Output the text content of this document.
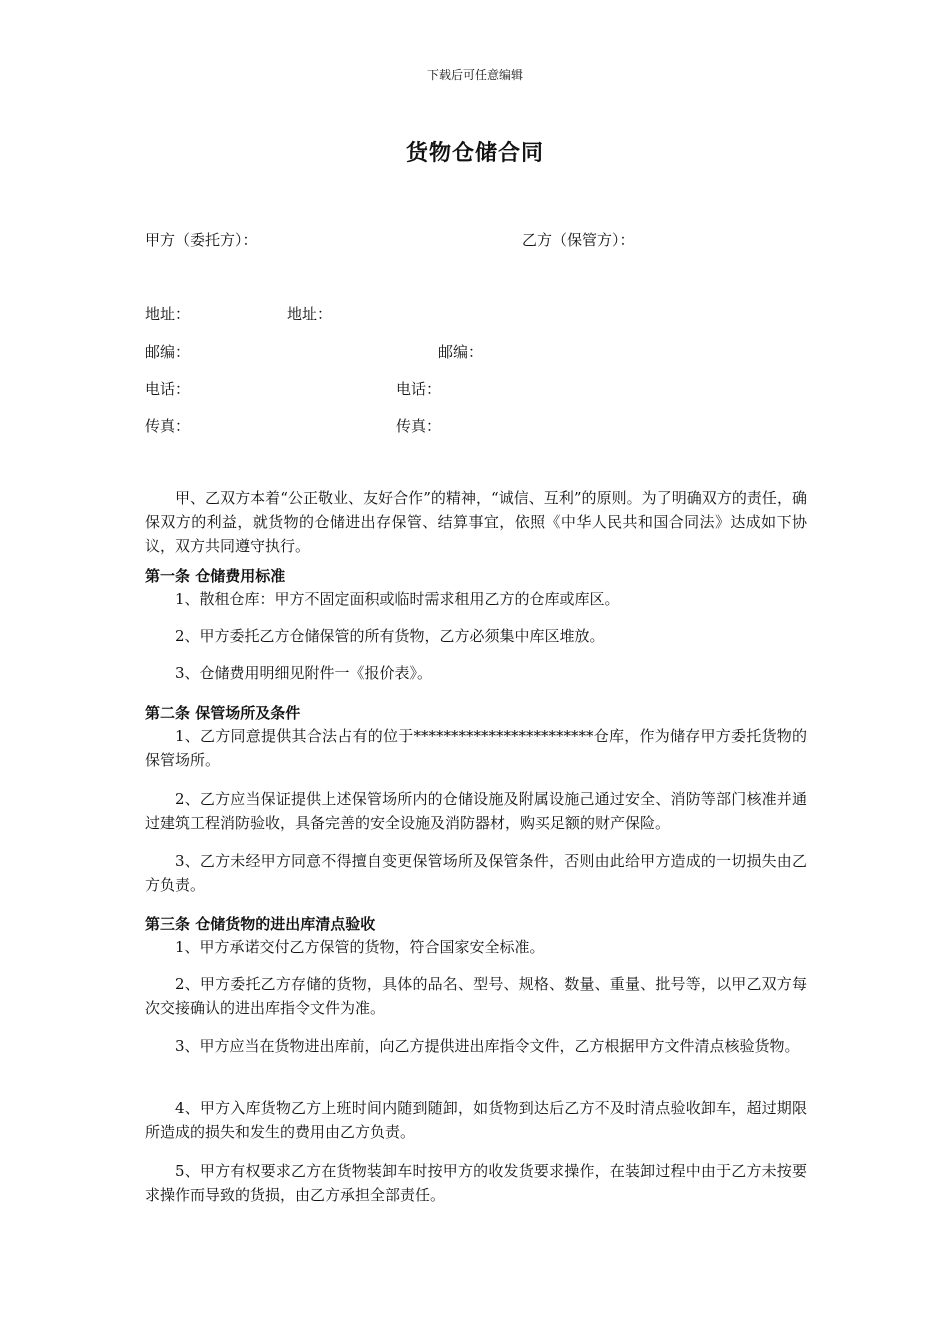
下载后可任意编辑
货物仓储合同
甲方（委托方）：	乙方（保管方）：
地址：	地址：
邮编：	邮编：
电话：	电话：
传真：	传真：
甲、乙双方本着“公正敬业、友好合作”的精神，“诚信、互利”的原则。为了明确双方的责任，确保双方的利益，就货物的仓储进出存保管、结算事宜，依照《中华人民共和国合同法》达成如下协议，双方共同遵守执行。
第一条 仓储费用标准
1、散租仓库：甲方不固定面积或临时需求租用乙方的仓库或库区。
2、甲方委托乙方仓储保管的所有货物，乙方必须集中库区堆放。
3、仓储费用明细见附件一《报价表》。
第二条 保管场所及条件
1、乙方同意提供其合法占有的位于************************仓库，作为储存甲方委托货物的保管场所。
2、乙方应当保证提供上述保管场所内的仓储设施及附属设施己通过安全、消防等部门核准并通过建筑工程消防验收，具备完善的安全设施及消防器材，购买足额的财产保险。
3、乙方未经甲方同意不得擅自变更保管场所及保管条件，否则由此给甲方造成的一切损失由乙方负责。
第三条 仓储货物的进出库清点验收
1、甲方承诺交付乙方保管的货物，符合国家安全标准。
2、甲方委托乙方存储的货物，具体的品名、型号、规格、数量、重量、批号等，以甲乙双方每次交接确认的进出库指令文件为准。
3、甲方应当在货物进出库前，向乙方提供进出库指令文件，乙方根据甲方文件清点核验货物。
4、甲方入库货物乙方上班时间内随到随卸，如货物到达后乙方不及时清点验收卸车，超过期限所造成的损失和发生的费用由乙方负责。
5、甲方有权要求乙方在货物装卸车时按甲方的收发货要求操作，在装卸过程中由于乙方未按要求操作而导致的货损，由乙方承担全部责任。
